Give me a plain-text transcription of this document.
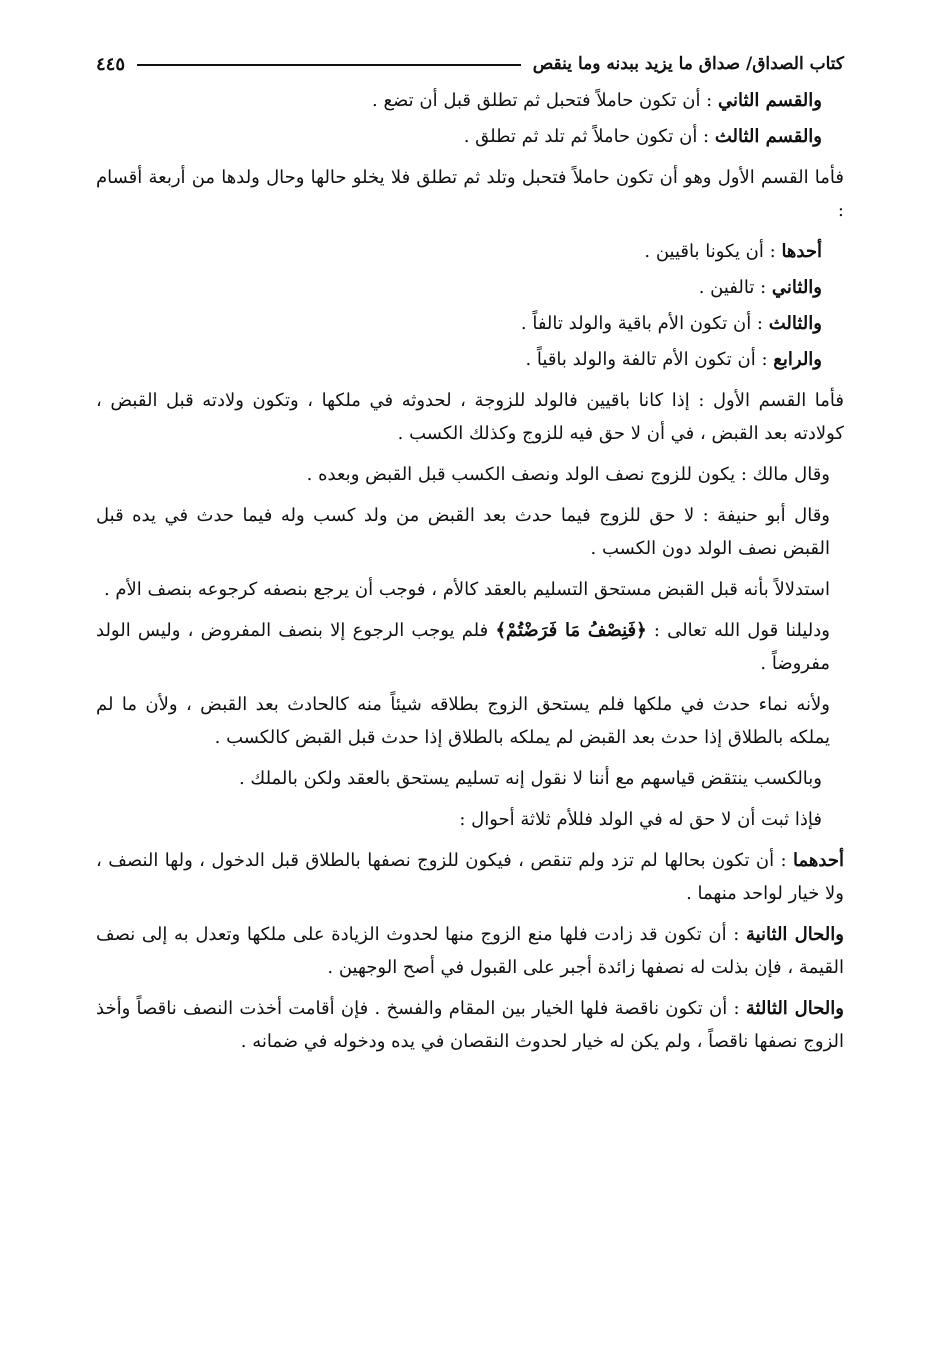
كتاب الصداق/ صداق ما يزيد ببدنه وما ينقص
٤٤٥

والقسم الثاني : أن تكون حاملاً فتحبل ثم تطلق قبل أن تضع .

والقسم الثالث : أن تكون حاملاً ثم تلد ثم تطلق .

فأما القسم الأول وهو أن تكون حاملاً فتحبل وتلد ثم تطلق فلا يخلو حالها وحال ولدها من أربعة أقسام :

أحدها : أن يكونا باقيين .

والثاني : تالفين .

والثالث : أن تكون الأم باقية والولد تالفاً .

والرابع : أن تكون الأم تالفة والولد باقياً .

فأما القسم الأول : إذا كانا باقيين فالولد للزوجة ، لحدوثه في ملكها ، وتكون ولادته قبل القبض ، كولادته بعد القبض ، في أن لا حق فيه للزوج وكذلك الكسب .

وقال مالك : يكون للزوج نصف الولد ونصف الكسب قبل القبض وبعده .

وقال أبو حنيفة : لا حق للزوج فيما حدث بعد القبض من ولد كسب وله فيما حدث في يده قبل القبض نصف الولد دون الكسب .

استدلالاً بأنه قبل القبض مستحق التسليم بالعقد كالأم ، فوجب أن يرجع بنصفه كرجوعه بنصف الأم .

ودليلنا قول الله تعالى : ﴿فَنِصْفُ مَا فَرَضْتُمْ﴾ فلم يوجب الرجوع إلا بنصف المفروض ، وليس الولد مفروضاً .

ولأنه نماء حدث في ملكها فلم يستحق الزوج بطلاقه شيئاً منه كالحادث بعد القبض ، ولأن ما لم يملكه بالطلاق إذا حدث بعد القبض لم يملكه بالطلاق إذا حدث قبل القبض كالكسب .

وبالكسب ينتقض قياسهم مع أننا لا نقول إنه تسليم يستحق بالعقد ولكن بالملك .

فإذا ثبت أن لا حق له في الولد فللأم ثلاثة أحوال :

أحدهما : أن تكون بحالها لم تزد ولم تنقص ، فيكون للزوج نصفها بالطلاق قبل الدخول ، ولها النصف ، ولا خيار لواحد منهما .

والحال الثانية : أن تكون قد زادت فلها منع الزوج منها لحدوث الزيادة على ملكها وتعدل به إلى نصف القيمة ، فإن بذلت له نصفها زائدة أجبر على القبول في أصح الوجهين .

والحال الثالثة : أن تكون ناقصة فلها الخيار بين المقام والفسخ . فإن أقامت أخذت النصف ناقصاً وأخذ الزوج نصفها ناقصاً ، ولم يكن له خيار لحدوث النقصان في يده ودخوله في ضمانه .
